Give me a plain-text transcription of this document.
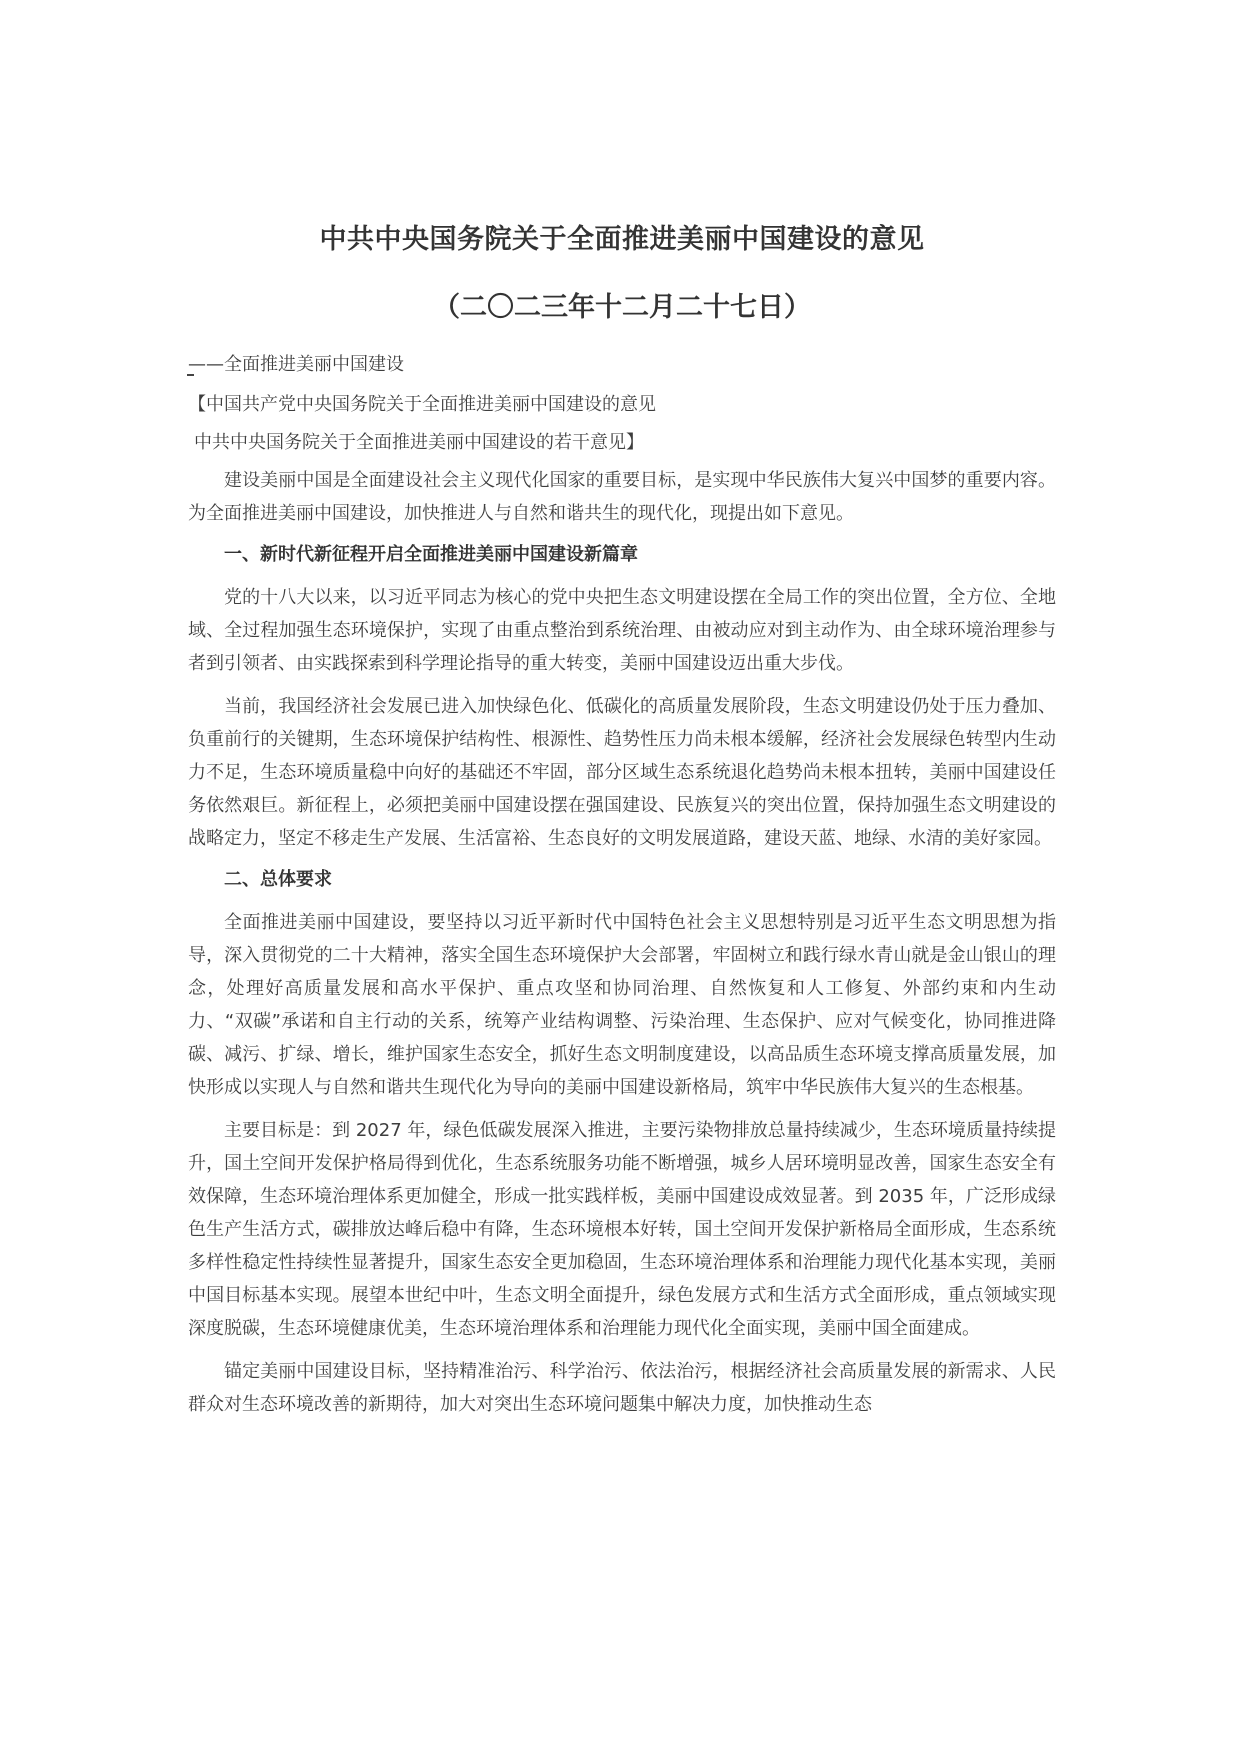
中共中央国务院关于全面推进美丽中国建设的意见
（二〇二三年十二月二十七日）
——全面推进美丽中国建设
【中国共产党中央国务院关于全面推进美丽中国建设的意见
中共中央国务院关于全面推进美丽中国建设的若干意见】

建设美丽中国是全面建设社会主义现代化国家的重要目标，是实现中华民族伟大复兴中国梦的重要内容。为全面推进美丽中国建设，加快推进人与自然和谐共生的现代化，现提出如下意见。

一、新时代新征程开启全面推进美丽中国建设新篇章

党的十八大以来，以习近平同志为核心的党中央把生态文明建设摆在全局工作的突出位置，全方位、全地域、全过程加强生态环境保护，实现了由重点整治到系统治理、由被动应对到主动作为、由全球环境治理参与者到引领者、由实践探索到科学理论指导的重大转变，美丽中国建设迈出重大步伐。

当前，我国经济社会发展已进入加快绿色化、低碳化的高质量发展阶段，生态文明建设仍处于压力叠加、负重前行的关键期，生态环境保护结构性、根源性、趋势性压力尚未根本缓解，经济社会发展绿色转型内生动力不足，生态环境质量稳中向好的基础还不牢固，部分区域生态系统退化趋势尚未根本扭转，美丽中国建设任务依然艰巨。新征程上，必须把美丽中国建设摆在强国建设、民族复兴的突出位置，保持加强生态文明建设的战略定力，坚定不移走生产发展、生活富裕、生态良好的文明发展道路，建设天蓝、地绿、水清的美好家园。

二、总体要求

全面推进美丽中国建设，要坚持以习近平新时代中国特色社会主义思想特别是习近平生态文明思想为指导，深入贯彻党的二十大精神，落实全国生态环境保护大会部署，牢固树立和践行绿水青山就是金山银山的理念，处理好高质量发展和高水平保护、重点攻坚和协同治理、自然恢复和人工修复、外部约束和内生动力、“双碳”承诺和自主行动的关系，统筹产业结构调整、污染治理、生态保护、应对气候变化，协同推进降碳、减污、扩绿、增长，维护国家生态安全，抓好生态文明制度建设，以高品质生态环境支撑高质量发展，加快形成以实现人与自然和谐共生现代化为导向的美丽中国建设新格局，筑牢中华民族伟大复兴的生态根基。

主要目标是：到 2027 年，绿色低碳发展深入推进，主要污染物排放总量持续减少，生态环境质量持续提升，国土空间开发保护格局得到优化，生态系统服务功能不断增强，城乡人居环境明显改善，国家生态安全有效保障，生态环境治理体系更加健全，形成一批实践样板，美丽中国建设成效显著。到 2035 年，广泛形成绿色生产生活方式，碳排放达峰后稳中有降，生态环境根本好转，国土空间开发保护新格局全面形成，生态系统多样性稳定性持续性显著提升，国家生态安全更加稳固，生态环境治理体系和治理能力现代化基本实现，美丽中国目标基本实现。展望本世纪中叶，生态文明全面提升，绿色发展方式和生活方式全面形成，重点领域实现深度脱碳，生态环境健康优美，生态环境治理体系和治理能力现代化全面实现，美丽中国全面建成。

锚定美丽中国建设目标，坚持精准治污、科学治污、依法治污，根据经济社会高质量发展的新需求、人民群众对生态环境改善的新期待，加大对突出生态环境问题集中解决力度，加快推动生态
